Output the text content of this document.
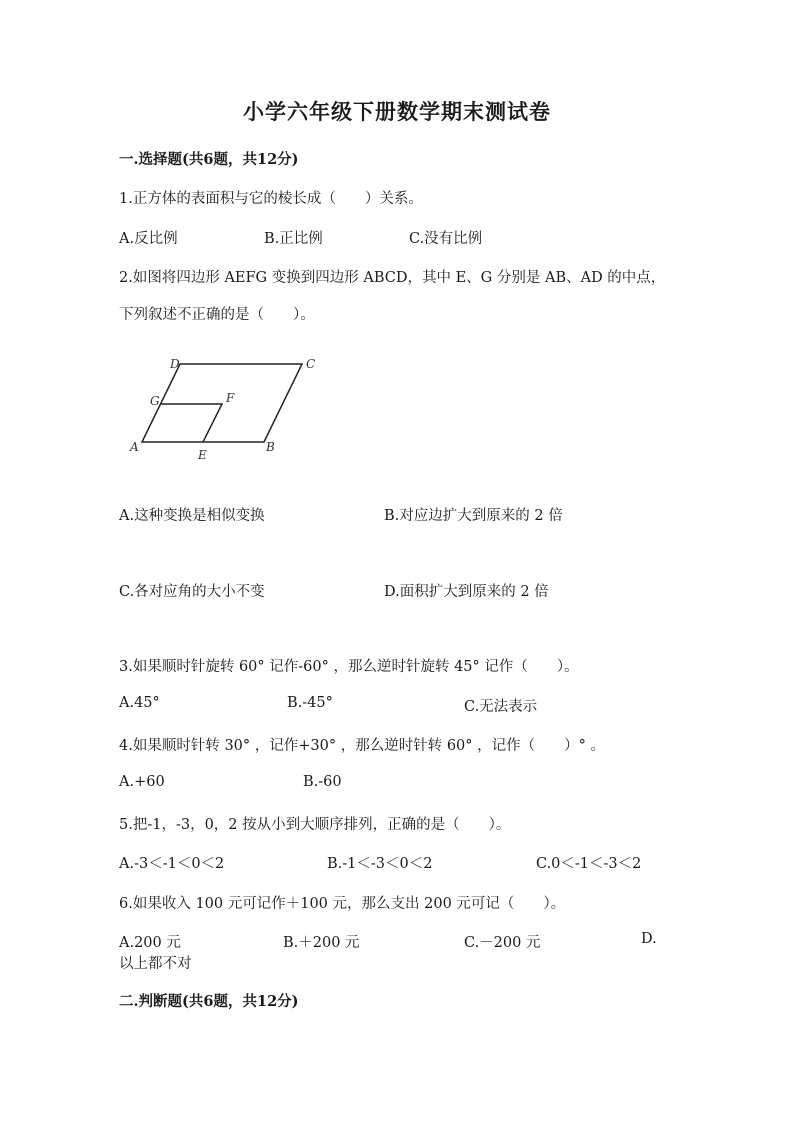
小学六年级下册数学期末测试卷
一.选择题(共6题，共12分)
1.正方体的表面积与它的棱长成（　　）关系。
A.反比例	B.正比例	C.没有比例
2.如图将四边形 AEFG 变换到四边形 ABCD，其中 E、G 分别是 AB、AD 的中点，
下列叙述不正确的是（　　）。
A	B
C
D
E
F
G
A.这种变换是相似变换	B.对应边扩大到原来的 2 倍
C.各对应角的大小不变	D.面积扩大到原来的 2 倍
3.如果顺时针旋转 60° 记作-60° ，那么逆时针旋转 45° 记作（　　）。
A.45°	B.-45°	C.无法表示
4.如果顺时针转 30° ，记作+30° ，那么逆时针转 60° ，记作（　　）° 。
A.+60	B.-60
5.把-1，-3，0，2 按从小到大顺序排列，正确的是（　　）。
A.-3＜-1＜0＜2	B.-1＜-3＜0＜2	C.0＜-1＜-3＜2
6.如果收入 100 元可记作＋100 元，那么支出 200 元可记（　　）。
A.200 元	B.＋200 元	C.－200 元	D.
以上都不对
二.判断题(共6题，共12分)
